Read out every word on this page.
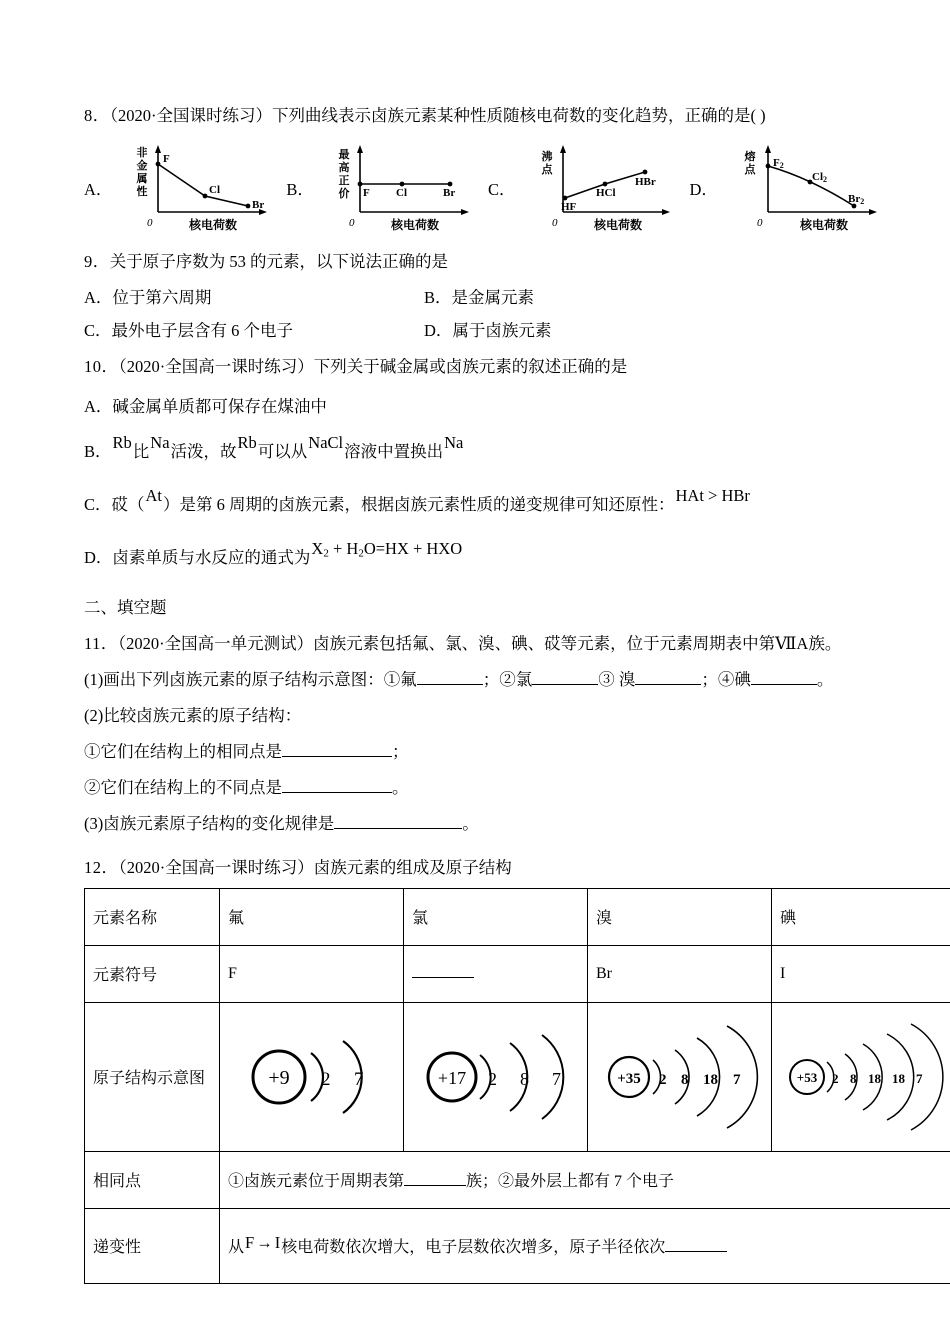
8．（2020·全国课时练习）下列曲线表示卤族元素某种性质随核电荷数的变化趋势，正确的是( )
A．
非
金
属
性
F
Cl
Br
0	核电荷数
B．
最
高
正
价 F Cl	Br
0	核电荷数
C．
沸
点
HF
HCl
HBr
0	核电荷数
D．
熔
点
F2
Cl2
Br2
0	核电荷数
9．关于原子序数为 53 的元素，以下说法正确的是
A．位于第六周期	B．是金属元素
C．最外电子层含有 6 个电子	D．属于卤族元素
10．（2020·全国高一课时练习）下列关于碱金属或卤族元素的叙述正确的是
A．碱金属单质都可保存在煤油中
B．Rb比Na活泼，故Rb可以从NaCl溶液中置换出Na
C．砹（At）是第 6 周期的卤族元素，根据卤族元素性质的递变规律可知还原性：HAt > HBr
D．卤素单质与水反应的通式为$X_2 + H_2O=HX$ + HXO
二、填空题
11．（2020·全国高一单元测试）卤族元素包括氟、氯、溴、碘、砹等元素，位于元素周期表中第ⅦA族。
(1)画出下列卤族元素的原子结构示意图：①氟	；②氯	③ 溴	；④碘	。
(2)比较卤族元素的原子结构：
①它们在结构上的相同点是	；
②它们在结构上的不同点是	。
(3)卤族元素原子结构的变化规律是	。
12．（2020·全国高一课时练习）卤族元素的组成及原子结构
元素名称	氟	氯	溴	碘
元素符号	F		Br	I
原子结构示意图	+9 2 7	+17 2 8 7	+35 2 8 18 7	+53 2 8 18 18 7

相同点	①卤族元素位于周期表第 族；②最外层上都有 7 个电子			
递变性	从F → I核电荷数依次增大，电子层数依次增多，原子半径依次			
